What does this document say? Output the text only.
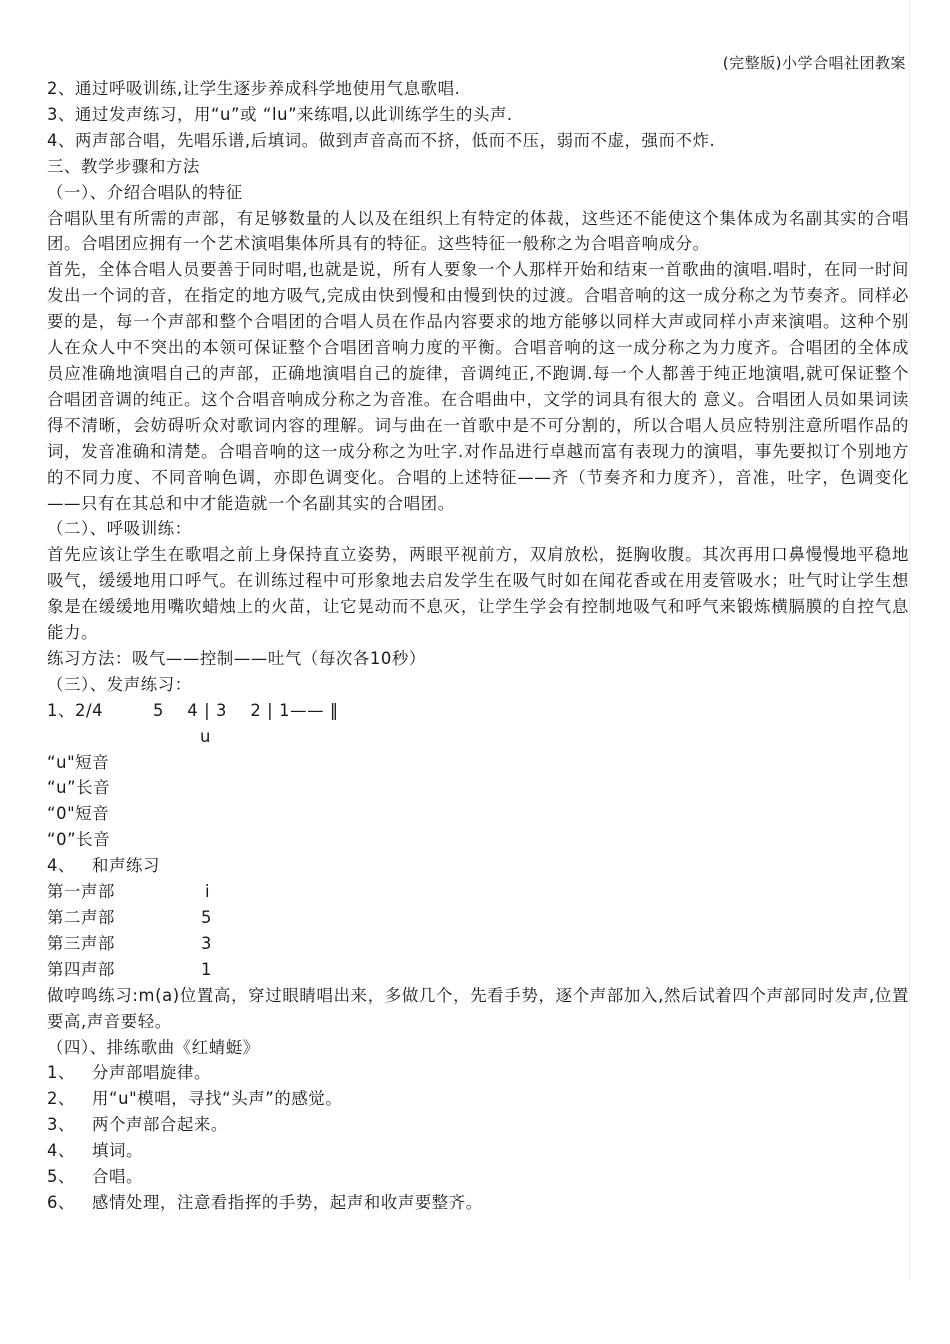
(完整版)小学合唱社团教案
2、通过呼吸训练,让学生逐步养成科学地使用气息歌唱.
3、通过发声练习，用“u”或 “lu”来练唱,以此训练学生的头声.
4、两声部合唱，先唱乐谱,后填词。做到声音高而不挤，低而不压，弱而不虚，强而不炸.
三、教学步骤和方法
（一）、介绍合唱队的特征
合唱队里有所需的声部，有足够数量的人以及在组织上有特定的体裁，这些还不能使这个集体成为名副其实的合唱团。合唱团应拥有一个艺术演唱集体所具有的特征。这些特征一般称之为合唱音响成分。
首先，全体合唱人员要善于同时唱,也就是说，所有人要象一个人那样开始和结束一首歌曲的演唱.唱时，在同一时间发出一个词的音，在指定的地方吸气,完成由快到慢和由慢到快的过渡。合唱音响的这一成分称之为节奏齐。同样必要的是，每一个声部和整个合唱团的合唱人员在作品内容要求的地方能够以同样大声或同样小声来演唱。这种个别人在众人中不突出的本领可保证整个合唱团音响力度的平衡。合唱音响的这一成分称之为力度齐。合唱团的全体成员应准确地演唱自己的声部，正确地演唱自己的旋律，音调纯正,不跑调.每一个人都善于纯正地演唱,就可保证整个合唱团音调的纯正。这个合唱音响成分称之为音准。在合唱曲中，文学的词具有很大的 意义。合唱团人员如果词读得不清晰，会妨碍听众对歌词内容的理解。词与曲在一首歌中是不可分割的，所以合唱人员应特别注意所唱作品的词，发音准确和清楚。合唱音响的这一成分称之为吐字.对作品进行卓越而富有表现力的演唱，事先要拟订个别地方的不同力度、不同音响色调，亦即色调变化。合唱的上述特征——齐（节奏齐和力度齐），音准，吐字，色调变化——只有在其总和中才能造就一个名副其实的合唱团。
（二）、呼吸训练：
首先应该让学生在歌唱之前上身保持直立姿势，两眼平视前方，双肩放松，挺胸收腹。其次再用口鼻慢慢地平稳地吸气，缓缓地用口呼气。在训练过程中可形象地去启发学生在吸气时如在闻花香或在用麦管吸水；吐气时让学生想象是在缓缓地用嘴吹蜡烛上的火苗，让它晃动而不息灭，让学生学会有控制地吸气和呼气来锻炼横膈膜的自控气息能力。
练习方法：吸气——控制——吐气（每次各10秒）
（三）、发声练习：
1、2/4	5    4 | 3    2 | 1—— ‖
u
“u"短音
“u”长音
“0"短音
“0”长音
4、	和声练习
第一声部	i
第二声部	5
第三声部	3
第四声部	1
做哼鸣练习:m(a)位置高，穿过眼睛唱出来，多做几个，先看手势，逐个声部加入,然后试着四个声部同时发声,位置要高,声音要轻。
（四）、排练歌曲《红蜻蜓》
1、	分声部唱旋律。
2、	用“u"模唱，寻找“头声”的感觉。
3、	两个声部合起来。
4、	填词。
5、	合唱。
6、	感情处理，注意看指挥的手势，起声和收声要整齐。
